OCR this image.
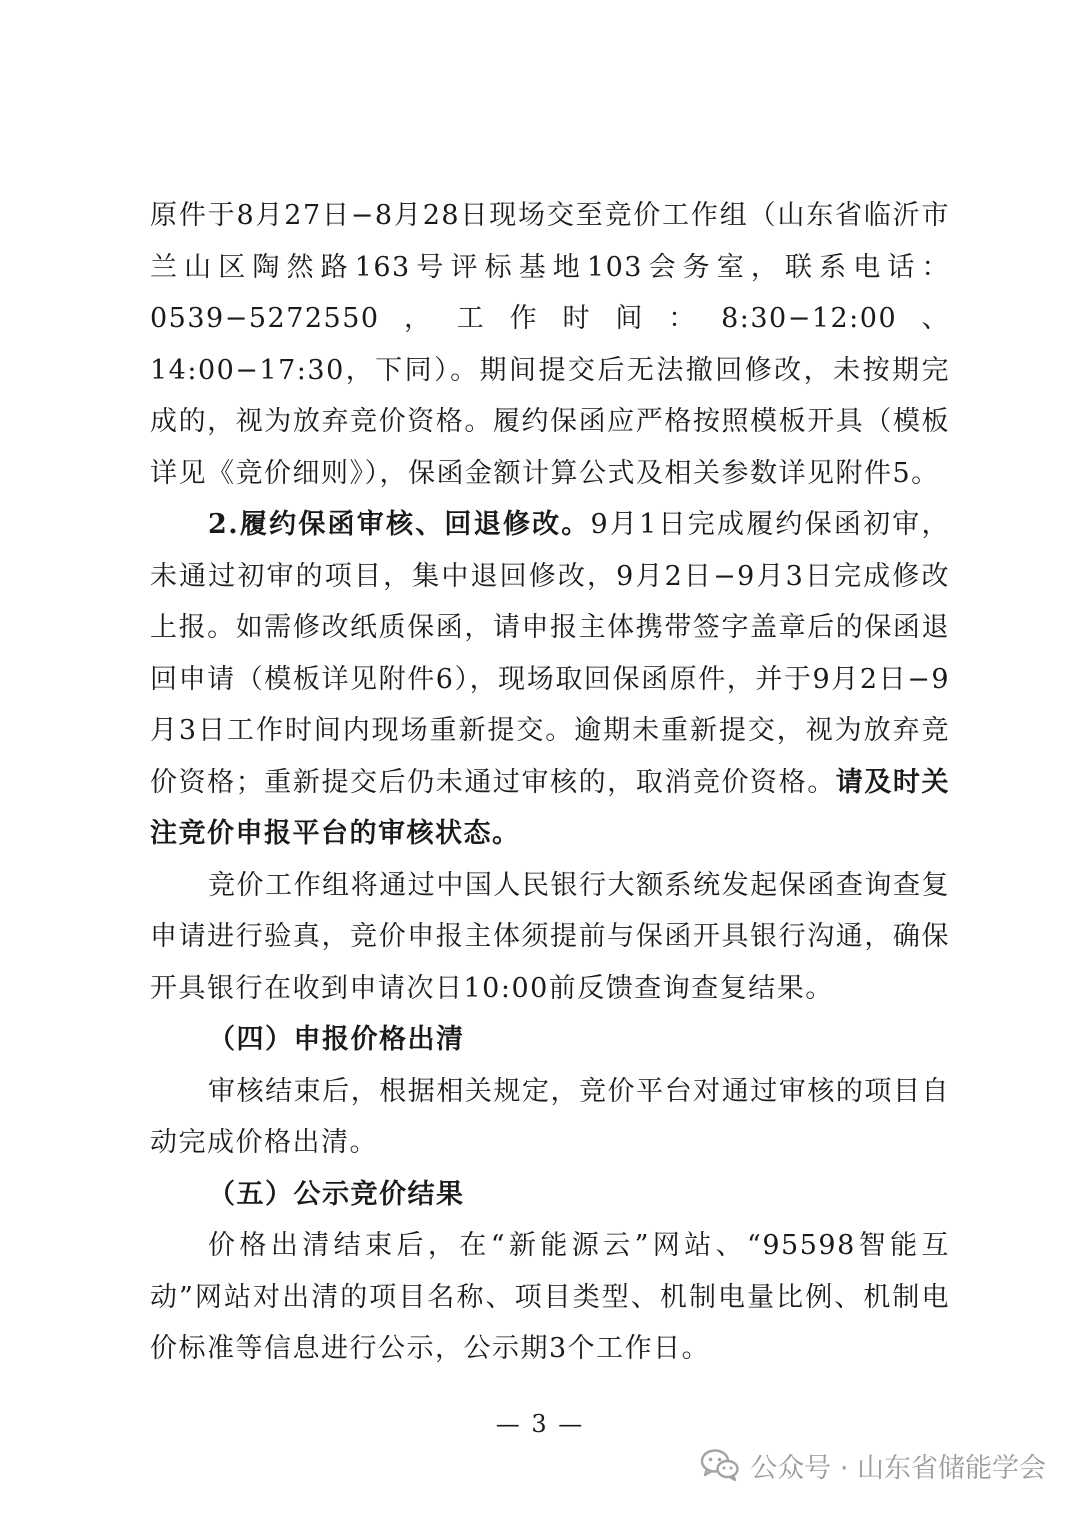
原件于8月27日−8月28日现场交至竞价工作组（山东省临沂市兰山区陶然路163号评标基地103会务室，联系电话：0539−5272550，工作时间：8:30−12:00、14:00−17:30，下同）。期间提交后无法撤回修改，未按期完成的，视为放弃竞价资格。履约保函应严格按照模板开具（模板详见《竞价细则》），保函金额计算公式及相关参数详见附件5。

2.履约保函审核、回退修改。9月1日完成履约保函初审，未通过初审的项目，集中退回修改，9月2日−9月3日完成修改上报。如需修改纸质保函，请申报主体携带签字盖章后的保函退回申请（模板详见附件6），现场取回保函原件，并于9月2日−9月3日工作时间内现场重新提交。逾期未重新提交，视为放弃竞价资格；重新提交后仍未通过审核的，取消竞价资格。请及时关注竞价申报平台的审核状态。

竞价工作组将通过中国人民银行大额系统发起保函查询查复申请进行验真，竞价申报主体须提前与保函开具银行沟通，确保开具银行在收到申请次日10:00前反馈查询查复结果。

（四）申报价格出清

审核结束后，根据相关规定，竞价平台对通过审核的项目自动完成价格出清。

（五）公示竞价结果

价格出清结束后，在“新能源云”网站、“95598智能互动”网站对出清的项目名称、项目类型、机制电量比例、机制电价标准等信息进行公示，公示期3个工作日。

— 3 —
公众号 · 山东省储能学会
